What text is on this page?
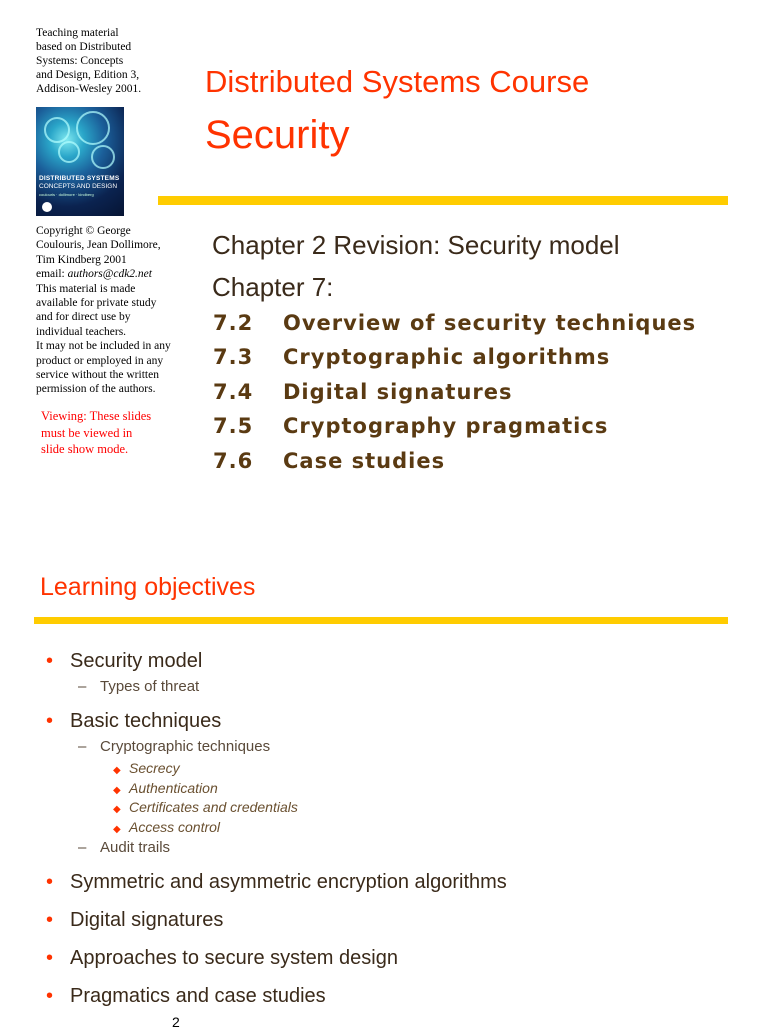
Teaching material
based on Distributed
Systems: Concepts
and Design, Edition 3,
Addison-Wesley 2001.
DISTRIBUTED SYSTEMS
CONCEPTS AND DESIGN
coulouris · dollimore · kindberg
Distributed Systems Course
Security
Copyright © George
Coulouris, Jean Dollimore,
Tim Kindberg 2001
email: authors@cdk2.net
This material is made
available for private study
and for direct use by
individual teachers.
It may not be included in any
product or employed in any
service without the written
permission of the authors.
Viewing: These slides
must be viewed in
slide show mode.
Chapter 2 Revision: Security model
Chapter 7:
7.2 Overview of security techniques
7.3 Cryptographic algorithms
7.4 Digital signatures
7.5 Cryptography pragmatics
7.6 Case studies
Learning objectives
• Security model
– Types of threat
• Basic techniques
– Cryptographic techniques
◆ Secrecy
◆ Authentication
◆ Certificates and credentials
◆ Access control
– Audit trails
• Symmetric and asymmetric encryption algorithms
• Digital signatures
• Approaches to secure system design
• Pragmatics and case studies
2
